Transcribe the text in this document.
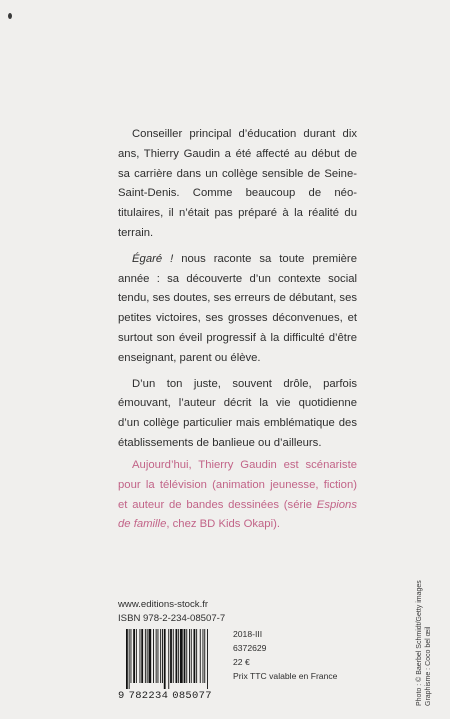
Conseiller principal d’éducation durant dix ans, Thierry Gaudin a été affecté au début de sa carrière dans un collège sensible de Seine-Saint-Denis. Comme beaucoup de néo-titulaires, il n’était pas préparé à la réalité du terrain.

Égaré ! nous raconte sa toute première année : sa découverte d’un contexte social tendu, ses doutes, ses erreurs de débutant, ses petites victoires, ses grosses déconvenues, et surtout son éveil progressif à la difficulté d’être enseignant, parent ou élève.

D’un ton juste, souvent drôle, parfois émouvant, l’auteur décrit la vie quotidienne d’un collège particulier mais emblématique des établissements de banlieue ou d’ailleurs.

Aujourd’hui, Thierry Gaudin est scénariste pour la télévision (animation jeunesse, fiction) et auteur de bandes dessinées (série Espions de famille, chez BD Kids Okapi).

www.editions-stock.fr
ISBN 978-2-234-08507-7
9 782234 085077
2018-III
6372629
22 €
Prix TTC valable en France	Photo : © Baerbel Schmidt/Getty images Graphisme : Coco bel œil
